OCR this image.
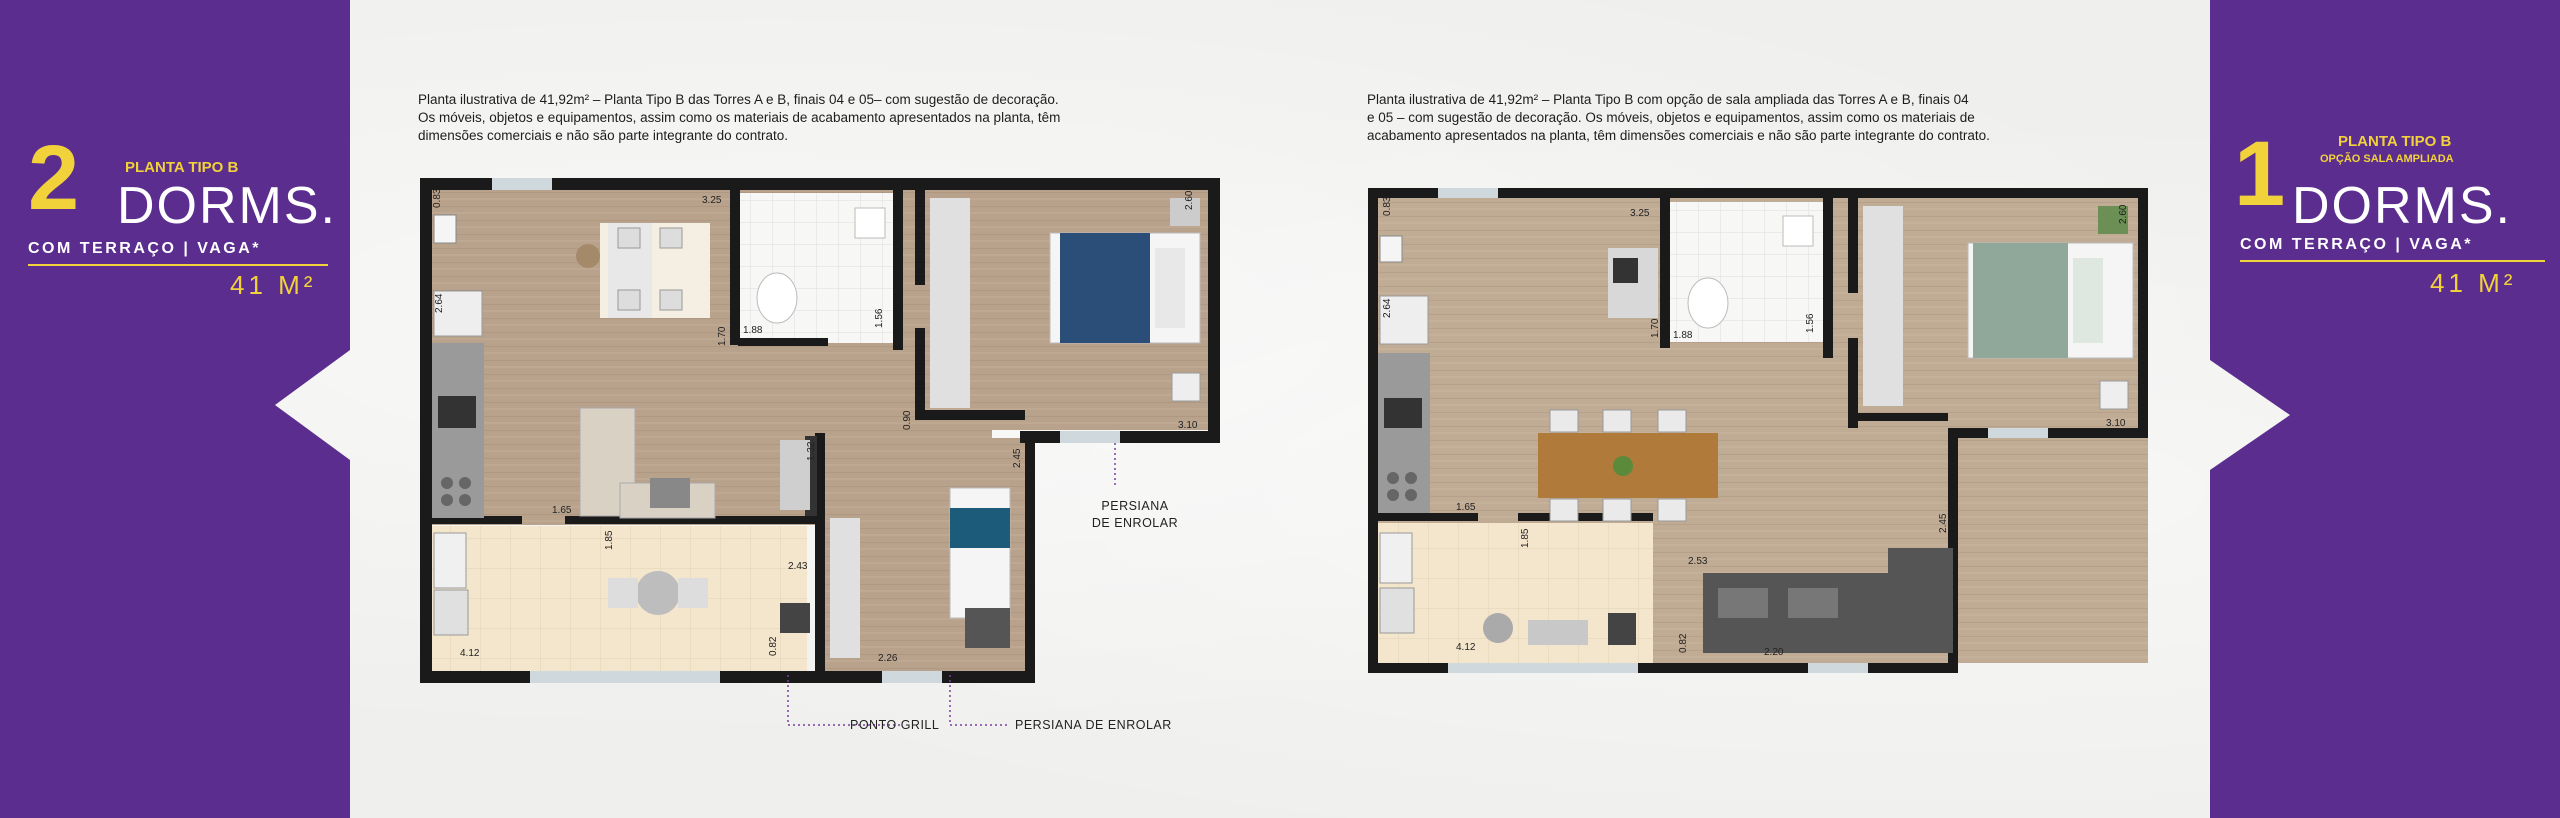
2	PLANTA TIPO B
DORMS.
COM TERRAÇO | VAGA*
41 M²
1	PLANTA TIPO B
OPÇÃO SALA AMPLIADA
DORMS.
COM TERRAÇO | VAGA*
41 M²
Planta ilustrativa de 41,92m² – Planta Tipo B das Torres A e B, finais 04 e 05– com sugestão de decoração.
Os móveis, objetos e equipamentos, assim como os materiais de acabamento apresentados na planta, têm
dimensões comerciais e não são parte integrante do contrato.
Planta ilustrativa de 41,92m² – Planta Tipo B com opção de sala ampliada das Torres A e B, finais 04
e 05 – com sugestão de decoração. Os móveis, objetos e equipamentos, assim como os materiais de
acabamento apresentados na planta, têm dimensões comerciais e não são parte integrante do contrato.
0.83	3.25	2.60
2.64
1.88
1.56
1.70
0.90	3.10
1.65
1.32
1.85
2.43
2.45
4.12	0.82
2.26
PERSIANA
DE ENROLAR
PONTO GRILL	PERSIANA DE ENROLAR
0.83	3.25	2.60
2.64
1.88
1.56
1.70
3.10
1.65
1.85
2.53
2.45
4.12	0.82	2.20
